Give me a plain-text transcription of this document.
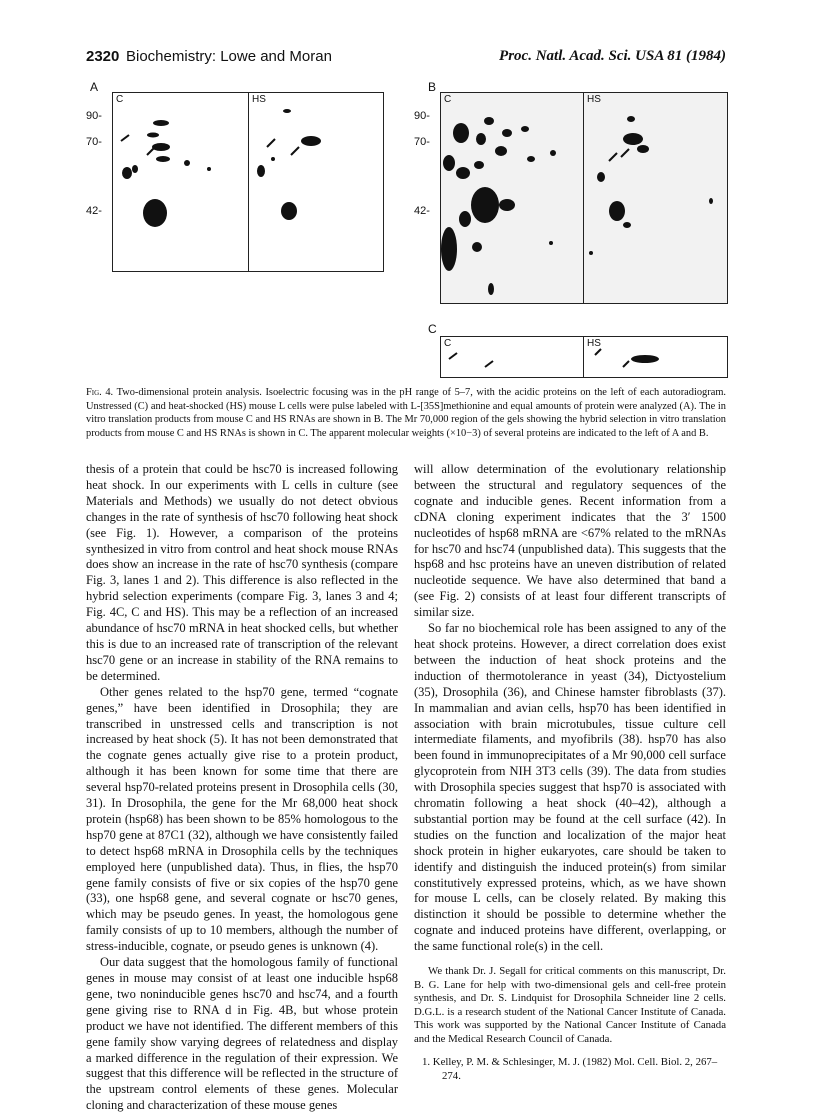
2320 Biochemistry: Lowe and Moran	Proc. Natl. Acad. Sci. USA 81 (1984)
A
90-
70-
42-
C	HS
B
90-
70-
42-
C	HS
C
C	HS
Fig. 4. Two-dimensional protein analysis. Isoelectric focusing was in the pH range of 5–7, with the acidic proteins on the left of each autoradiogram. Unstressed (C) and heat-shocked (HS) mouse L cells were pulse labeled with L-[35S]methionine and equal amounts of protein were analyzed (A). The in vitro translation products from mouse C and HS RNAs are shown in B. The Mr 70,000 region of the gels showing the hybrid selection in vitro translation products from mouse C and HS RNAs is shown in C. The apparent molecular weights (×10−3) of several proteins are indicated to the left of A and B.

thesis of a protein that could be hsc70 is increased following heat shock. In our experiments with L cells in culture (see Materials and Methods) we usually do not detect obvious changes in the rate of synthesis of hsc70 following heat shock (see Fig. 1). However, a comparison of the proteins synthesized in vitro from control and heat shock mouse RNAs does show an increase in the rate of hsc70 synthesis (compare Fig. 3, lanes 1 and 2). This difference is also reflected in the hybrid selection experiments (compare Fig. 3, lanes 3 and 4; Fig. 4C, C and HS). This may be a reflection of an increased abundance of hsc70 mRNA in heat shocked cells, but whether this is due to an increased rate of transcription of the relevant hsc70 gene or an increase in stability of the RNA remains to be determined.

Other genes related to the hsp70 gene, termed “cognate genes,” have been identified in Drosophila; they are transcribed in unstressed cells and transcription is not increased by heat shock (5). It has not been demonstrated that the cognate genes actually give rise to a protein product, although it has been known for some time that there are several hsp70-related proteins present in Drosophila cells (30, 31). In Drosophila, the gene for the Mr 68,000 heat shock protein (hsp68) has been shown to be 85% homologous to the hsp70 gene at 87C1 (32), although we have consistently failed to detect hsp68 mRNA in Drosophila cells by the techniques employed here (unpublished data). Thus, in flies, the hsp70 gene family consists of five or six copies of the hsp70 gene (33), one hsp68 gene, and several cognate or hsc70 genes, which may be pseudo genes. In yeast, the homologous gene family consists of up to 10 members, although the number of stress-inducible, cognate, or pseudo genes is unknown (4).

Our data suggest that the homologous family of functional genes in mouse may consist of at least one inducible hsp68 gene, two noninducible genes hsc70 and hsc74, and a fourth gene giving rise to RNA d in Fig. 4B, but whose protein product we have not identified. The different members of this gene family show varying degrees of relatedness and display a marked difference in the regulation of their expression. We suggest that this difference will be reflected in the structure of the upstream control elements of these genes. Molecular cloning and characterization of these mouse genes

will allow determination of the evolutionary relationship between the structural and regulatory sequences of the cognate and inducible genes. Recent information from a cDNA cloning experiment indicates that the 3′ 1500 nucleotides of hsp68 mRNA are <67% related to the mRNAs for hsc70 and hsc74 (unpublished data). This suggests that the hsp68 and hsc proteins have an uneven distribution of related nucleotide sequence. We have also determined that band a (see Fig. 2) consists of at least four different transcripts of similar size.

So far no biochemical role has been assigned to any of the heat shock proteins. However, a direct correlation does exist between the induction of heat shock proteins and the induction of thermotolerance in yeast (34), Dictyostelium (35), Drosophila (36), and Chinese hamster fibroblasts (37). In mammalian and avian cells, hsp70 has been identified in association with brain microtubules, tissue culture cell intermediate filaments, and myofibrils (38). hsp70 has also been found in immunoprecipitates of a Mr 90,000 cell surface glycoprotein from NIH 3T3 cells (39). The data from studies with Drosophila species suggest that hsp70 is associated with chromatin following a heat shock (40–42), although a substantial portion may be found at the cell surface (42). In studies on the function and localization of the major heat shock protein in higher eukaryotes, care should be taken to identify and distinguish the induced protein(s) from similar constitutively expressed proteins, which, as we have shown for mouse L cells, can be closely related. By making this distinction it should be possible to determine whether the cognate and induced proteins have different, overlapping, or the same functional role(s) in the cell.

We thank Dr. J. Segall for critical comments on this manuscript, Dr. B. G. Lane for help with two-dimensional gels and cell-free protein synthesis, and Dr. S. Lindquist for Drosophila Schneider line 2 cells. D.G.L. is a research student of the National Cancer Institute of Canada. This work was supported by the National Cancer Institute of Canada and the Medical Research Council of Canada.

1. Kelley, P. M. & Schlesinger, M. J. (1982) Mol. Cell. Biol. 2, 267–274.
